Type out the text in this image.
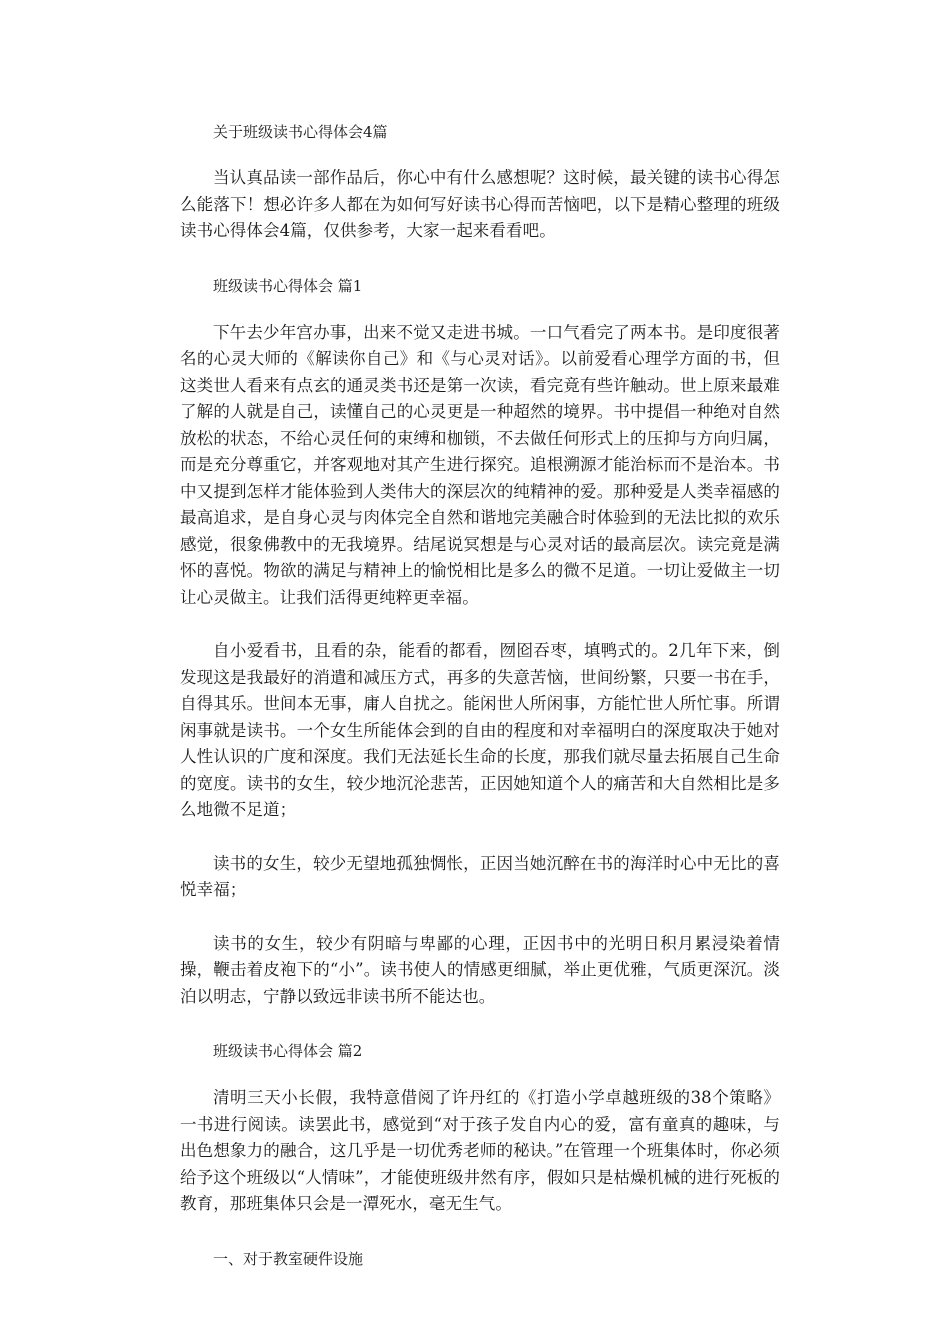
关于班级读书心得体会4篇

当认真品读一部作品后，你心中有什么感想呢？这时候，最关键的读书心得怎么能落下！想必许多人都在为如何写好读书心得而苦恼吧，以下是精心整理的班级读书心得体会4篇，仅供参考，大家一起来看看吧。

班级读书心得体会 篇1

下午去少年宫办事，出来不觉又走进书城。一口气看完了两本书。是印度很著名的心灵大师的《解读你自己》和《与心灵对话》。以前爱看心理学方面的书，但这类世人看来有点玄的通灵类书还是第一次读，看完竟有些许触动。世上原来最难了解的人就是自己，读懂自己的心灵更是一种超然的境界。书中提倡一种绝对自然放松的状态，不给心灵任何的束缚和枷锁，不去做任何形式上的压抑与方向归属，而是充分尊重它，并客观地对其产生进行探究。追根溯源才能治标而不是治本。书中又提到怎样才能体验到人类伟大的深层次的纯精神的爱。那种爱是人类幸福感的最高追求，是自身心灵与肉体完全自然和谐地完美融合时体验到的无法比拟的欢乐感觉，很象佛教中的无我境界。结尾说冥想是与心灵对话的最高层次。读完竟是满怀的喜悦。物欲的满足与精神上的愉悦相比是多么的微不足道。一切让爱做主一切让心灵做主。让我们活得更纯粹更幸福。

自小爱看书，且看的杂，能看的都看，囫囵吞枣，填鸭式的。2几年下来，倒发现这是我最好的消遣和减压方式，再多的失意苦恼，世间纷繁，只要一书在手，自得其乐。世间本无事，庸人自扰之。能闲世人所闲事，方能忙世人所忙事。所谓闲事就是读书。一个女生所能体会到的自由的程度和对幸福明白的深度取决于她对人性认识的广度和深度。我们无法延长生命的长度，那我们就尽量去拓展自己生命的宽度。读书的女生，较少地沉沦悲苦，正因她知道个人的痛苦和大自然相比是多么地微不足道；

读书的女生，较少无望地孤独惆怅，正因当她沉醉在书的海洋时心中无比的喜悦幸福；

读书的女生，较少有阴暗与卑鄙的心理，正因书中的光明日积月累浸染着情操，鞭击着皮袍下的“小”。读书使人的情感更细腻，举止更优雅，气质更深沉。淡泊以明志，宁静以致远非读书所不能达也。

班级读书心得体会 篇2

清明三天小长假，我特意借阅了许丹红的《打造小学卓越班级的38个策略》一书进行阅读。读罢此书，感觉到“对于孩子发自内心的爱，富有童真的趣味，与出色想象力的融合，这几乎是一切优秀老师的秘诀。”在管理一个班集体时，你必须给予这个班级以“人情味”，才能使班级井然有序，假如只是枯燥机械的进行死板的教育，那班集体只会是一潭死水，毫无生气。

一、对于教室硬件设施
